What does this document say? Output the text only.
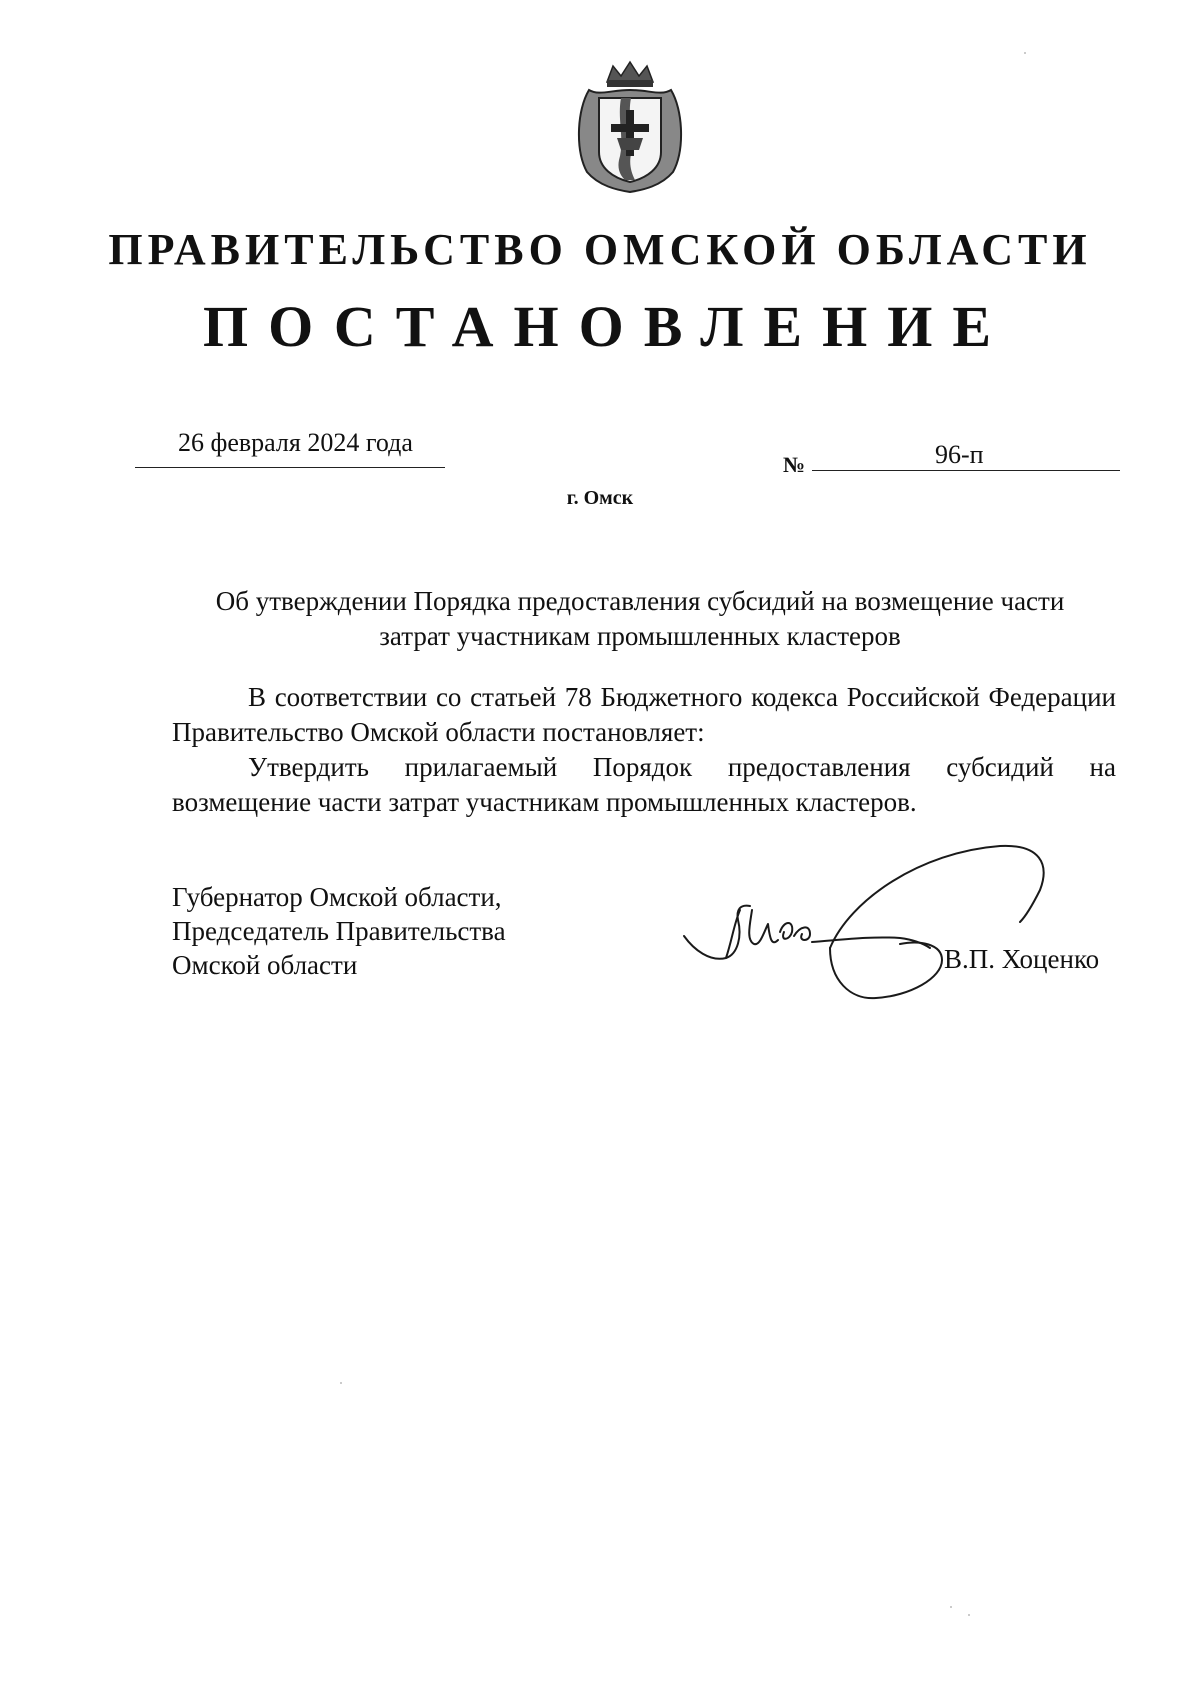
ПРАВИТЕЛЬСТВО ОМСКОЙ ОБЛАСТИ
ПОСТАНОВЛЕНИЕ
26 февраля 2024 года
№	96-п
г. Омск
Об утверждении Порядка предоставления субсидий на возмещение части
затрат участникам промышленных кластеров
В соответствии со статьей 78 Бюджетного кодекса Российской Федерации Правительство Омской области постановляет:
Утвердить прилагаемый Порядок предоставления субсидий на возмещение части затрат участникам промышленных кластеров.
Губернатор Омской области,
Председатель Правительства
Омской области	В.П. Хоценко
